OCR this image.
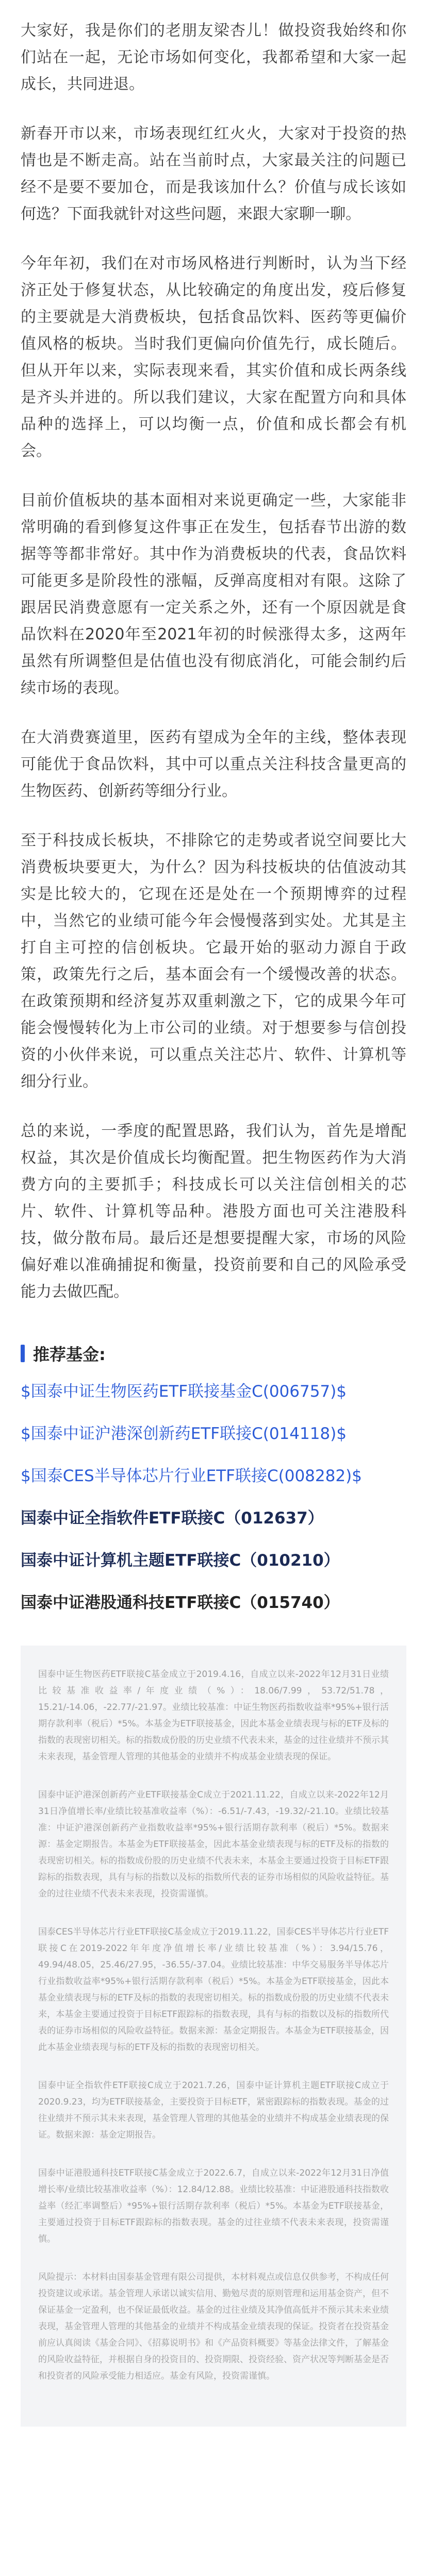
大家好，我是你们的老朋友梁杏儿！做投资我始终和你们站在一起，无论市场如何变化，我都希望和大家一起成长，共同进退。

新春开市以来，市场表现红红火火，大家对于投资的热情也是不断走高。站在当前时点，大家最关注的问题已经不是要不要加仓，而是我该加什么？价值与成长该如何选？下面我就针对这些问题，来跟大家聊一聊。

今年年初，我们在对市场风格进行判断时，认为当下经济正处于修复状态，从比较确定的角度出发，疫后修复的主要就是大消费板块，包括食品饮料、医药等更偏价值风格的板块。当时我们更偏向价值先行，成长随后。但从开年以来，实际表现来看，其实价值和成长两条线是齐头并进的。所以我们建议，大家在配置方向和具体品种的选择上，可以均衡一点，价值和成长都会有机会。

目前价值板块的基本面相对来说更确定一些，大家能非常明确的看到修复这件事正在发生，包括春节出游的数据等等都非常好。其中作为消费板块的代表，食品饮料可能更多是阶段性的涨幅，反弹高度相对有限。这除了跟居民消费意愿有一定关系之外，还有一个原因就是食品饮料在2020年至2021年初的时候涨得太多，这两年虽然有所调整但是估值也没有彻底消化，可能会制约后续市场的表现。

在大消费赛道里，医药有望成为全年的主线，整体表现可能优于食品饮料，其中可以重点关注科技含量更高的生物医药、创新药等细分行业。

至于科技成长板块，不排除它的走势或者说空间要比大消费板块要更大，为什么？因为科技板块的估值波动其实是比较大的，它现在还是处在一个预期博弈的过程中，当然它的业绩可能今年会慢慢落到实处。尤其是主打自主可控的信创板块。它最开始的驱动力源自于政策，政策先行之后，基本面会有一个缓慢改善的状态。在政策预期和经济复苏双重刺激之下，它的成果今年可能会慢慢转化为上市公司的业绩。对于想要参与信创投资的小伙伴来说，可以重点关注芯片、软件、计算机等细分行业。

总的来说，一季度的配置思路，我们认为，首先是增配权益，其次是价值成长均衡配置。把生物医药作为大消费方向的主要抓手；科技成长可以关注信创相关的芯片、软件、计算机等品种。港股方面也可关注港股科技，做分散布局。最后还是想要提醒大家，市场的风险偏好难以准确捕捉和衡量，投资前要和自己的风险承受能力去做匹配。

推荐基金:
$国泰中证生物医药ETF联接基金C(006757)$
$国泰中证沪港深创新药ETF联接C(014118)$
$国泰CES半导体芯片行业ETF联接C(008282)$
国泰中证全指软件ETF联接C（012637）
国泰中证计算机主题ETF联接C（010210）
国泰中证港股通科技ETF联接C（015740）

国泰中证生物医药ETF联接C基金成立于2019.4.16，自成立以来-2022年12月31日业绩比较基准收益率/年度业绩（%）：18.06/7.99，53.72/51.78，15.21/-14.06，-22.77/-21.97。业绩比较基准：中证生物医药指数收益率*95%+银行活期存款利率（税后）*5%。本基金为ETF联接基金，因此本基金业绩表现与标的ETF及标的指数的表现密切相关。标的指数成份股的历史业绩不代表未来，基金的过往业绩并不预示其未来表现，基金管理人管理的其他基金的业绩并不构成基金业绩表现的保证。

国泰中证沪港深创新药产业ETF联接基金C成立于2021.11.22，自成立以来-2022年12月31日净值增长率/业绩比较基准收益率（%）：-6.51/-7.43，-19.32/-21.10。业绩比较基准：中证沪港深创新药产业指数收益率*95%+银行活期存款利率（税后）*5%。数据来源：基金定期报告。本基金为ETF联接基金，因此本基金业绩表现与标的ETF及标的指数的表现密切相关。标的指数成份股的历史业绩不代表未来，本基金主要通过投资于目标ETF跟踪标的指数表现，具有与标的指数以及标的指数所代表的证券市场相似的风险收益特征。基金的过往业绩不代表未来表现，投资需谨慎。

国泰CES半导体芯片行业ETF联接C基金成立于2019.11.22，国泰CES半导体芯片行业ETF联接C在2019-2022年年度净值增长率/业绩比较基准（%）：3.94/15.76，49.94/48.05，25.46/27.95，-36.55/-37.04。业绩比较基准：中华交易服务半导体芯片行业指数收益率*95%+银行活期存款利率（税后）*5%。本基金为ETF联接基金，因此本基金业绩表现与标的ETF及标的指数的表现密切相关。标的指数成份股的历史业绩不代表未来，本基金主要通过投资于目标ETF跟踪标的指数表现，具有与标的指数以及标的指数所代表的证券市场相似的风险收益特征。数据来源：基金定期报告。本基金为ETF联接基金，因此本基金业绩表现与标的ETF及标的指数的表现密切相关。

国泰中证全指软件ETF联接C成立于2021.7.26，国泰中证计算机主题ETF联接C成立于2020.9.23，均为ETF联接基金，主要投资于目标ETF，紧密跟踪标的指数表现。基金的过往业绩并不预示其未来表现，基金管理人管理的其他基金的业绩并不构成基金业绩表现的保证。数据来源：基金定期报告。

国泰中证港股通科技ETF联接C基金成立于2022.6.7，自成立以来-2022年12月31日净值增长率/业绩比较基准收益率（%）：12.84/12.88。业绩比较基准：中证港股通科技指数收益率（经汇率调整后）*95%+银行活期存款利率（税后）*5%。本基金为ETF联接基金，主要通过投资于目标ETF跟踪标的指数表现。基金的过往业绩不代表未来表现，投资需谨慎。

风险提示：本材料由国泰基金管理有限公司提供，本材料观点或信息仅供参考，不构成任何投资建议或承诺。基金管理人承诺以诚实信用、勤勉尽责的原则管理和运用基金资产，但不保证基金一定盈利，也不保证最低收益。基金的过往业绩及其净值高低并不预示其未来业绩表现，基金管理人管理的其他基金的业绩并不构成基金业绩表现的保证。投资者在投资基金前应认真阅读《基金合同》、《招募说明书》和《产品资料概要》等基金法律文件，了解基金的风险收益特征，并根据自身的投资目的、投资期限、投资经验、资产状况等判断基金是否和投资者的风险承受能力相适应。基金有风险，投资需谨慎。
